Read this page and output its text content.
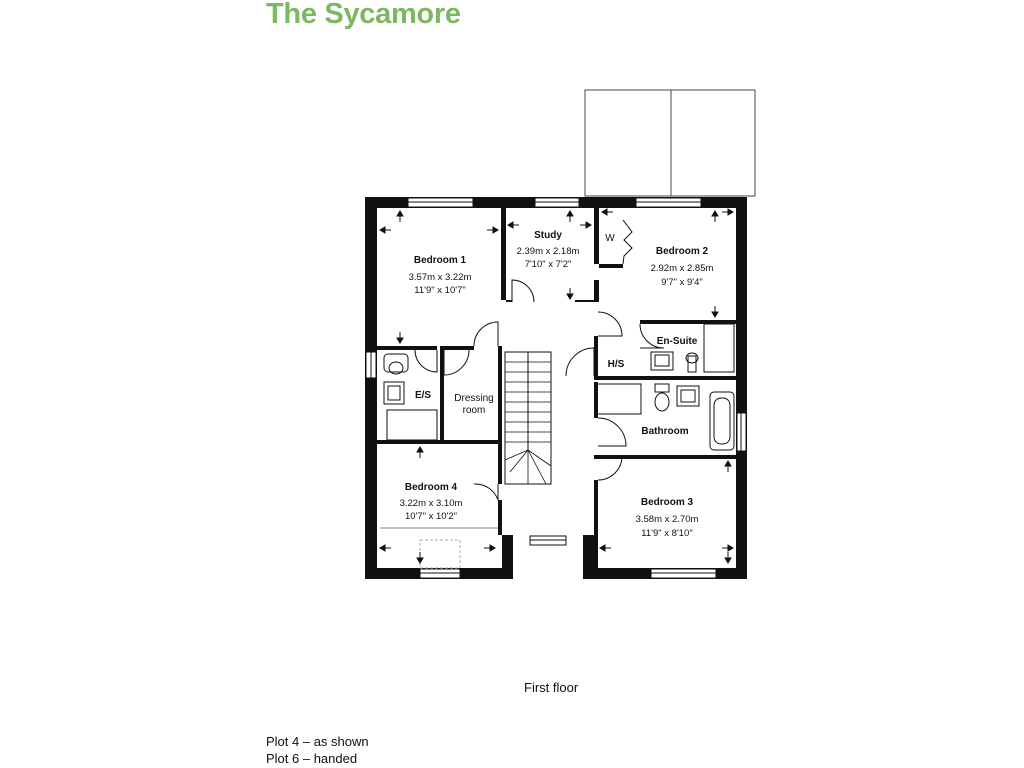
The Sycamore
Bedroom 1
3.57m x 3.22m
11'9" x 10'7"
Study
2.39m x 2.18m
7'10" x 7'2"
Bedroom 2
2.92m x 2.85m
9'7" x 9'4"
W
En-Suite
H/S
E/S Dressing
room
Bathroom
Bedroom 4
3.22m x 3.10m
10'7" x 10'2"
Bedroom 3
3.58m x 2.70m
11'9" x 8'10"
First floor
Plot 4 – as shown
Plot 6 – handed
